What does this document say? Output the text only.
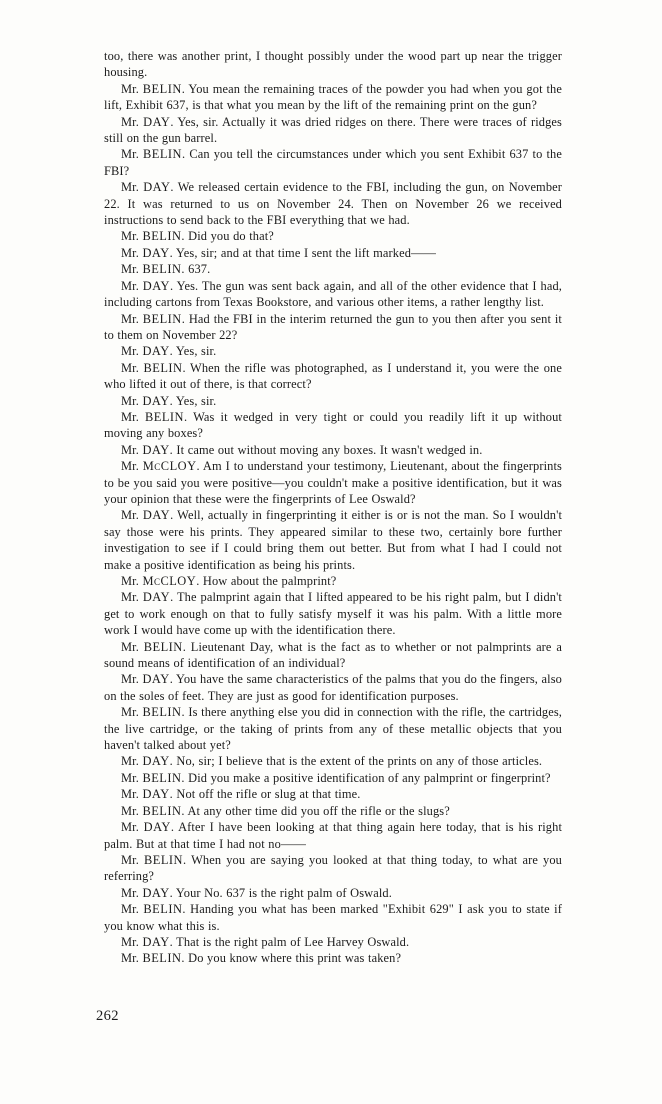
too, there was another print, I thought possibly under the wood part up near the trigger housing.

Mr. BELIN. You mean the remaining traces of the powder you had when you got the lift, Exhibit 637, is that what you mean by the lift of the remaining print on the gun?

Mr. DAY. Yes, sir. Actually it was dried ridges on there. There were traces of ridges still on the gun barrel.

Mr. BELIN. Can you tell the circumstances under which you sent Exhibit 637 to the FBI?

Mr. DAY. We released certain evidence to the FBI, including the gun, on November 22. It was returned to us on November 24. Then on November 26 we received instructions to send back to the FBI everything that we had.

Mr. BELIN. Did you do that?

Mr. DAY. Yes, sir; and at that time I sent the lift marked——

Mr. BELIN. 637.

Mr. DAY. Yes. The gun was sent back again, and all of the other evidence that I had, including cartons from Texas Bookstore, and various other items, a rather lengthy list.

Mr. BELIN. Had the FBI in the interim returned the gun to you then after you sent it to them on November 22?

Mr. DAY. Yes, sir.

Mr. BELIN. When the rifle was photographed, as I understand it, you were the one who lifted it out of there, is that correct?

Mr. DAY. Yes, sir.

Mr. BELIN. Was it wedged in very tight or could you readily lift it up without moving any boxes?

Mr. DAY. It came out without moving any boxes. It wasn't wedged in.

Mr. McCLOY. Am I to understand your testimony, Lieutenant, about the fingerprints to be you said you were positive—you couldn't make a positive identification, but it was your opinion that these were the fingerprints of Lee Oswald?

Mr. DAY. Well, actually in fingerprinting it either is or is not the man. So I wouldn't say those were his prints. They appeared similar to these two, certainly bore further investigation to see if I could bring them out better. But from what I had I could not make a positive identification as being his prints.

Mr. McCLOY. How about the palmprint?

Mr. DAY. The palmprint again that I lifted appeared to be his right palm, but I didn't get to work enough on that to fully satisfy myself it was his palm. With a little more work I would have come up with the identification there.

Mr. BELIN. Lieutenant Day, what is the fact as to whether or not palmprints are a sound means of identification of an individual?

Mr. DAY. You have the same characteristics of the palms that you do the fingers, also on the soles of feet. They are just as good for identification purposes.

Mr. BELIN. Is there anything else you did in connection with the rifle, the cartridges, the live cartridge, or the taking of prints from any of these metallic objects that you haven't talked about yet?

Mr. DAY. No, sir; I believe that is the extent of the prints on any of those articles.

Mr. BELIN. Did you make a positive identification of any palmprint or fingerprint?

Mr. DAY. Not off the rifle or slug at that time.

Mr. BELIN. At any other time did you off the rifle or the slugs?

Mr. DAY. After I have been looking at that thing again here today, that is his right palm. But at that time I had not no——

Mr. BELIN. When you are saying you looked at that thing today, to what are you referring?

Mr. DAY. Your No. 637 is the right palm of Oswald.

Mr. BELIN. Handing you what has been marked "Exhibit 629" I ask you to state if you know what this is.

Mr. DAY. That is the right palm of Lee Harvey Oswald.

Mr. BELIN. Do you know where this print was taken?

262
